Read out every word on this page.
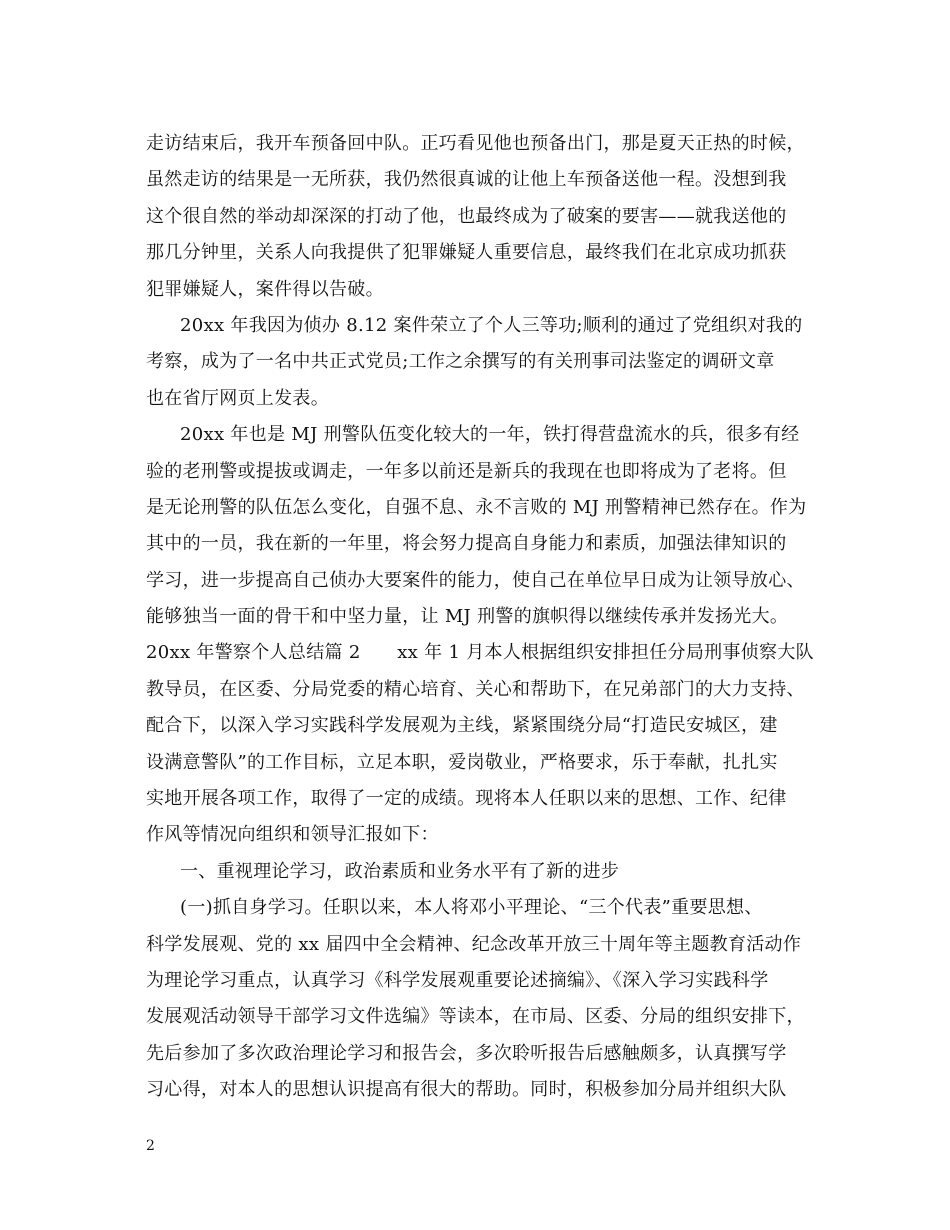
走访结束后，我开车预备回中队。正巧看见他也预备出门，那是夏天正热的时候，
虽然走访的结果是一无所获，我仍然很真诚的让他上车预备送他一程。没想到我
这个很自然的举动却深深的打动了他，也最终成为了破案的要害——就我送他的
那几分钟里，关系人向我提供了犯罪嫌疑人重要信息，最终我们在北京成功抓获
犯罪嫌疑人，案件得以告破。
20xx 年我因为侦办 8.12 案件荣立了个人三等功;顺利的通过了党组织对我的
考察，成为了一名中共正式党员;工作之余撰写的有关刑事司法鉴定的调研文章
也在省厅网页上发表。
20xx 年也是 MJ 刑警队伍变化较大的一年，铁打得营盘流水的兵，很多有经
验的老刑警或提拔或调走，一年多以前还是新兵的我现在也即将成为了老将。但
是无论刑警的队伍怎么变化，自强不息、永不言败的 MJ 刑警精神已然存在。作为
其中的一员，我在新的一年里，将会努力提高自身能力和素质，加强法律知识的
学习，进一步提高自己侦办大要案件的能力，使自己在单位早日成为让领导放心、
能够独当一面的骨干和中坚力量，让 MJ 刑警的旗帜得以继续传承并发扬光大。
20xx 年警察个人总结篇 2　　xx 年 1 月本人根据组织安排担任分局刑事侦察大队
教导员，在区委、分局党委的精心培育、关心和帮助下，在兄弟部门的大力支持、
配合下，以深入学习实践科学发展观为主线，紧紧围绕分局“打造民安城区，建
设满意警队”的工作目标，立足本职，爱岗敬业，严格要求，乐于奉献，扎扎实
实地开展各项工作，取得了一定的成绩。现将本人任职以来的思想、工作、纪律
作风等情况向组织和领导汇报如下：
一、重视理论学习，政治素质和业务水平有了新的进步
(一)抓自身学习。任职以来，本人将邓小平理论、“三个代表”重要思想、
科学发展观、党的 xx 届四中全会精神、纪念改革开放三十周年等主题教育活动作
为理论学习重点，认真学习《科学发展观重要论述摘编》、《深入学习实践科学
发展观活动领导干部学习文件选编》等读本，在市局、区委、分局的组织安排下，
先后参加了多次政治理论学习和报告会，多次聆听报告后感触颇多，认真撰写学
习心得，对本人的思想认识提高有很大的帮助。同时，积极参加分局并组织大队
2
